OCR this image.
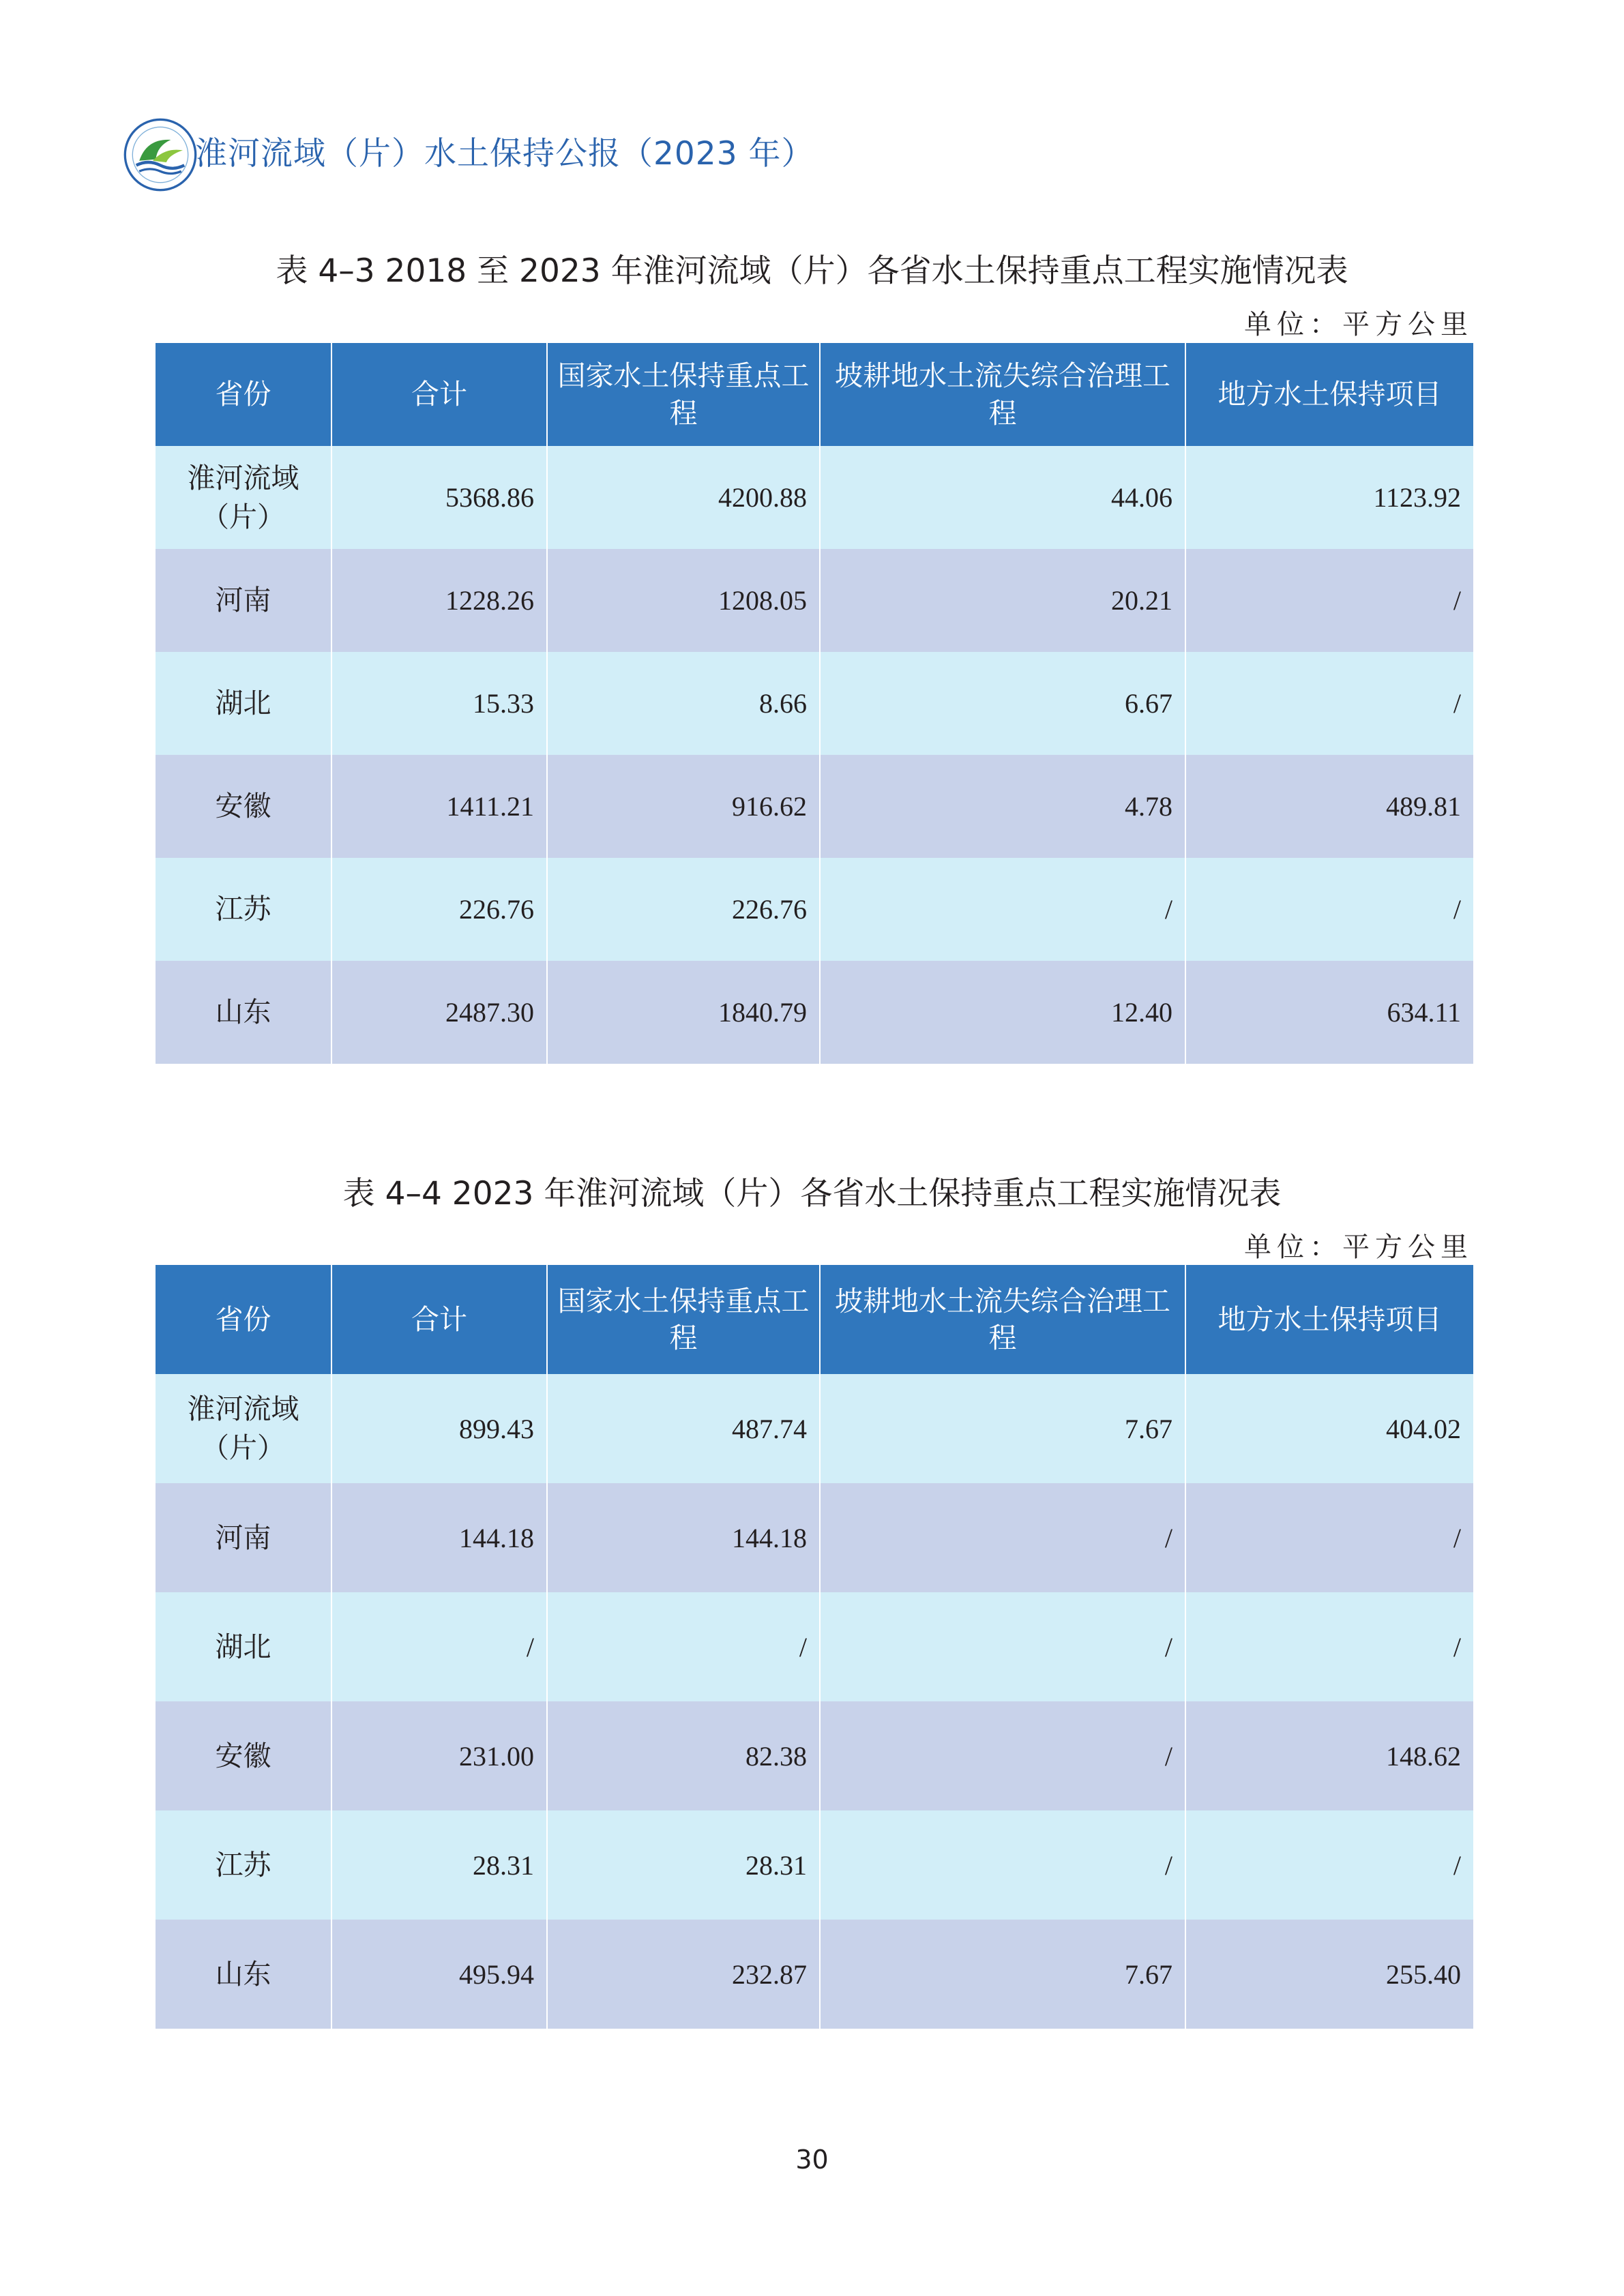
淮河流域（片）水土保持公报（2023 年）
表 4–3 2018 至 2023 年淮河流域（片）各省水土保持重点工程实施情况表
单位：平方公里
省份	合计	国家水土保持重点工程	坡耕地水土流失综合治理工程	地方水土保持项目
淮河流域（片）	5368.86	4200.88	44.06	1123.92
河南	1228.26	1208.05	20.21	/
湖北	15.33	8.66	6.67	/
安徽	1411.21	916.62	4.78	489.81
江苏	226.76	226.76	/	/
山东	2487.30	1840.79	12.40	634.11
表 4–4 2023 年淮河流域（片）各省水土保持重点工程实施情况表
单位：平方公里
省份	合计	国家水土保持重点工程	坡耕地水土流失综合治理工程	地方水土保持项目
淮河流域（片）	899.43	487.74	7.67	404.02
河南	144.18	144.18	/	/
湖北	/	/	/	/
安徽	231.00	82.38	/	148.62
江苏	28.31	28.31	/	/
山东	495.94	232.87	7.67	255.40
30
